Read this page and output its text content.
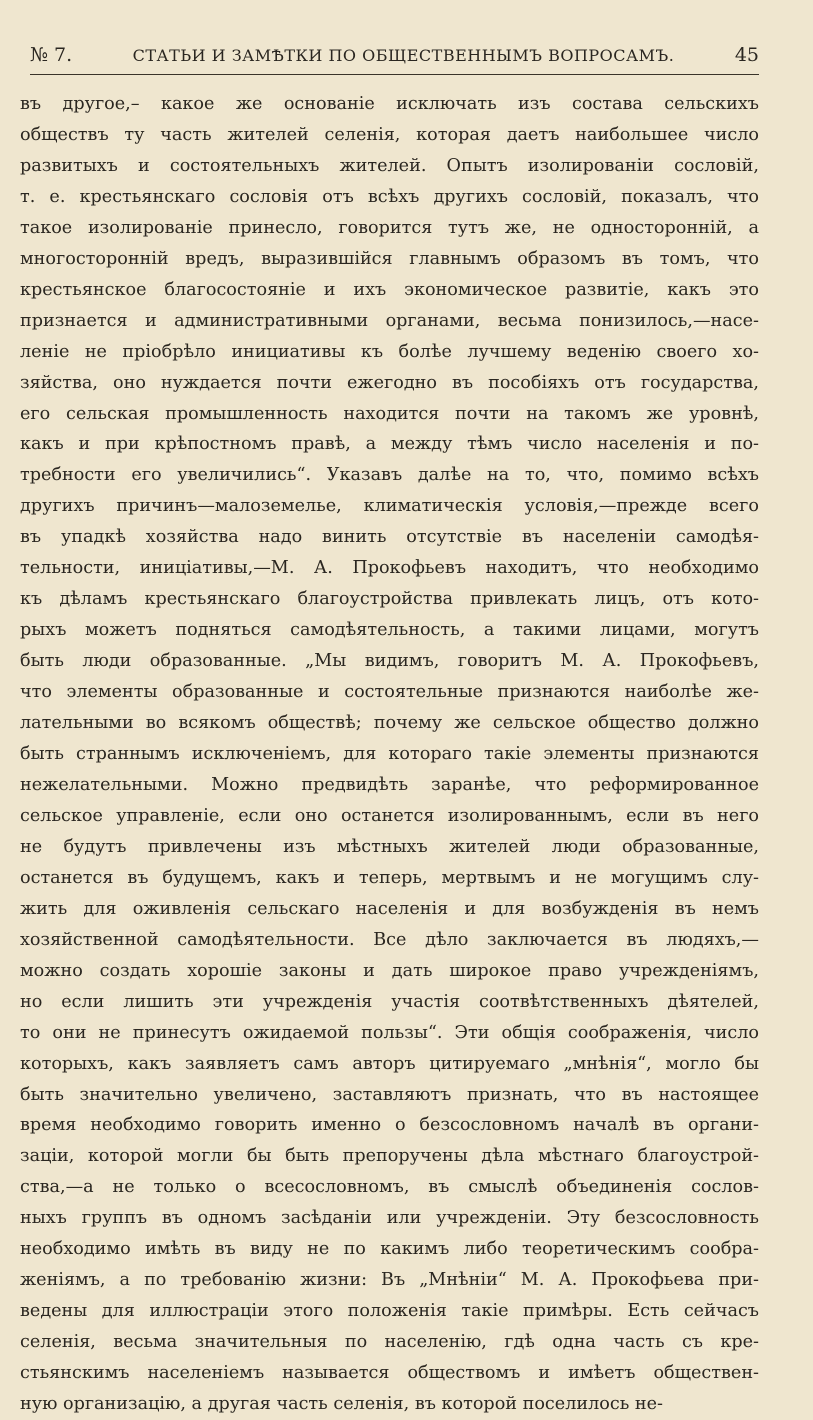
№ 7.	СТАТЬИ И ЗАМѢТКИ ПО ОБЩЕСТВЕННЫМЪ ВОПРОСАМЪ.	45
въ другое,– какое же основаніе исключать изъ состава сельскихъ
обществъ ту часть жителей селенія, которая даетъ наибольшее число
развитыхъ и состоятельныхъ жителей. Опытъ изолированіи сословій,
т. е. крестьянскаго сословія отъ всѣхъ другихъ сословій, показалъ, что
такое изолированіе принесло, говорится тутъ же, не односторонній, а
многосторонній вредъ, выразившійся главнымъ образомъ въ томъ, что
крестьянское благосостояніе и ихъ экономическое развитіе, какъ это
признается и административными органами, весьма понизилось,—насе-
леніе не пріобрѣло инициативы къ болѣе лучшему веденію своего хо-
зяйства, оно нуждается почти ежегодно въ пособіяхъ отъ государства,
его сельская промышленность находится почти на такомъ же уровнѣ,
какъ и при крѣпостномъ правѣ, а между тѣмъ число населенія и по-
требности его увеличились“. Указавъ далѣе на то, что, помимо всѣхъ
другихъ причинъ—малоземелье, климатическія условія,—прежде всего
въ упадкѣ хозяйства надо винить отсутствіе въ населеніи самодѣя-
тельности, иниціативы,—М. А. Прокофьевъ находитъ, что необходимо
къ дѣламъ крестьянскаго благоустройства привлекать лицъ, отъ кото-
рыхъ можетъ подняться самодѣятельность, а такими лицами, могутъ
быть люди образованные. „Мы видимъ, говоритъ М. А. Прокофьевъ,
что элементы образованные и состоятельные признаются наиболѣе же-
лательными во всякомъ обществѣ; почему же сельское общество должно
быть страннымъ исключеніемъ, для котораго такіе элементы признаются
нежелательными. Можно предвидѣть заранѣе, что реформированное
сельское управленіе, если оно останется изолированнымъ, если въ него
не будутъ привлечены изъ мѣстныхъ жителей люди образованные,
останется въ будущемъ, какъ и теперь, мертвымъ и не могущимъ слу-
жить для оживленія сельскаго населенія и для возбужденія въ немъ
хозяйственной самодѣятельности. Все дѣло заключается въ людяхъ,—
можно создать хорошіе законы и дать широкое право учрежденіямъ,
но если лишить эти учрежденія участія соотвѣтственныхъ дѣятелей,
то они не принесутъ ожидаемой пользы“. Эти общія соображенія, число
которыхъ, какъ заявляетъ самъ авторъ цитируемаго „мнѣнія“, могло бы
быть значительно увеличено, заставляютъ признать, что въ настоящее
время необходимо говорить именно о безсословномъ началѣ въ органи-
заціи, которой могли бы быть препоручены дѣла мѣстнаго благоустрой-
ства,—а не только о всесословномъ, въ смыслѣ объединенія сослов-
ныхъ группъ въ одномъ засѣданіи или учрежденіи. Эту безсословность
необходимо имѣть въ виду не по какимъ либо теоретическимъ сообра-
женіямъ, а по требованію жизни: Въ „Мнѣніи“ М. А. Прокофьева при-
ведены для иллюстраціи этого положенія такіе примѣры. Есть сейчасъ
селенія, весьма значительныя по населенію, гдѣ одна часть съ кре-
стьянскимъ населеніемъ называется обществомъ и имѣетъ обществен-
ную организацію, а другая часть селенія, въ которой поселилось не-
